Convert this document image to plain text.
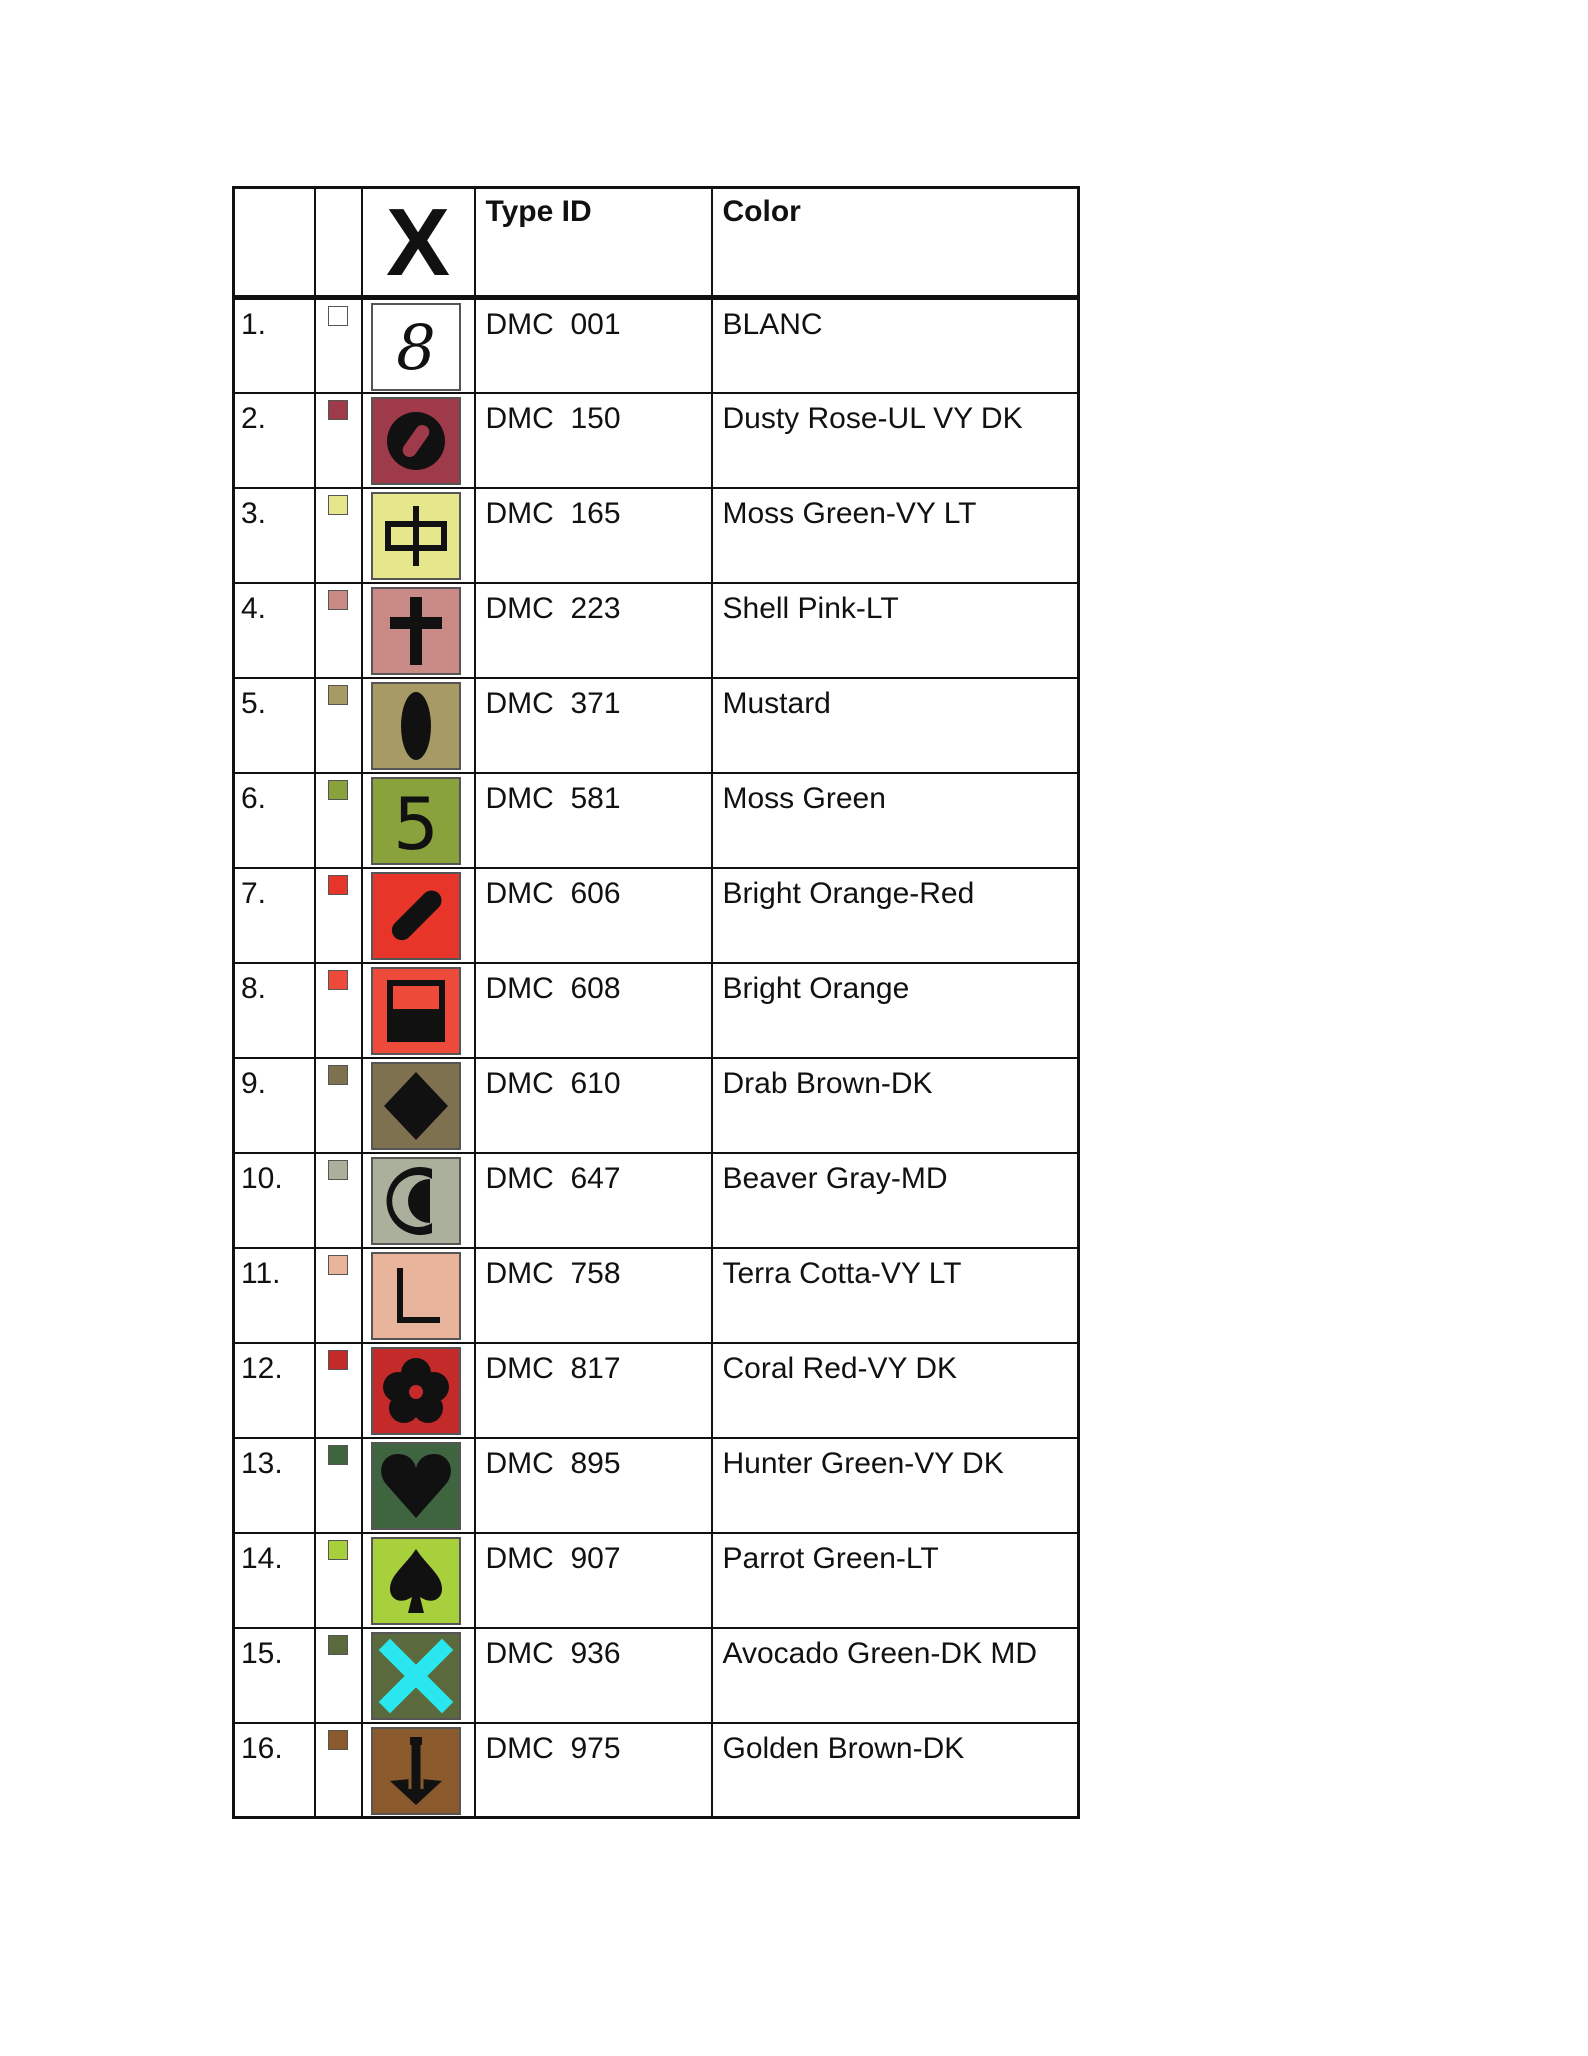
		X	Type ID	Color

1.		8	DMC  001	BLANC

2.			DMC  150	Dusty Rose-UL VY DK

3.			DMC  165	Moss Green-VY LT

4.			DMC  223	Shell Pink-LT

5.			DMC  371	Mustard

6.		5	DMC  581	Moss Green

7.			DMC  606	Bright Orange-Red

8.			DMC  608	Bright Orange

9.			DMC  610	Drab Brown-DK

10.			DMC  647	Beaver Gray-MD

11.			DMC  758	Terra Cotta-VY LT

12.			DMC  817	Coral Red-VY DK

13.			DMC  895	Hunter Green-VY DK

14.			DMC  907	Parrot Green-LT

15.			DMC  936	Avocado Green-DK MD

16.			DMC  975	Golden Brown-DK
